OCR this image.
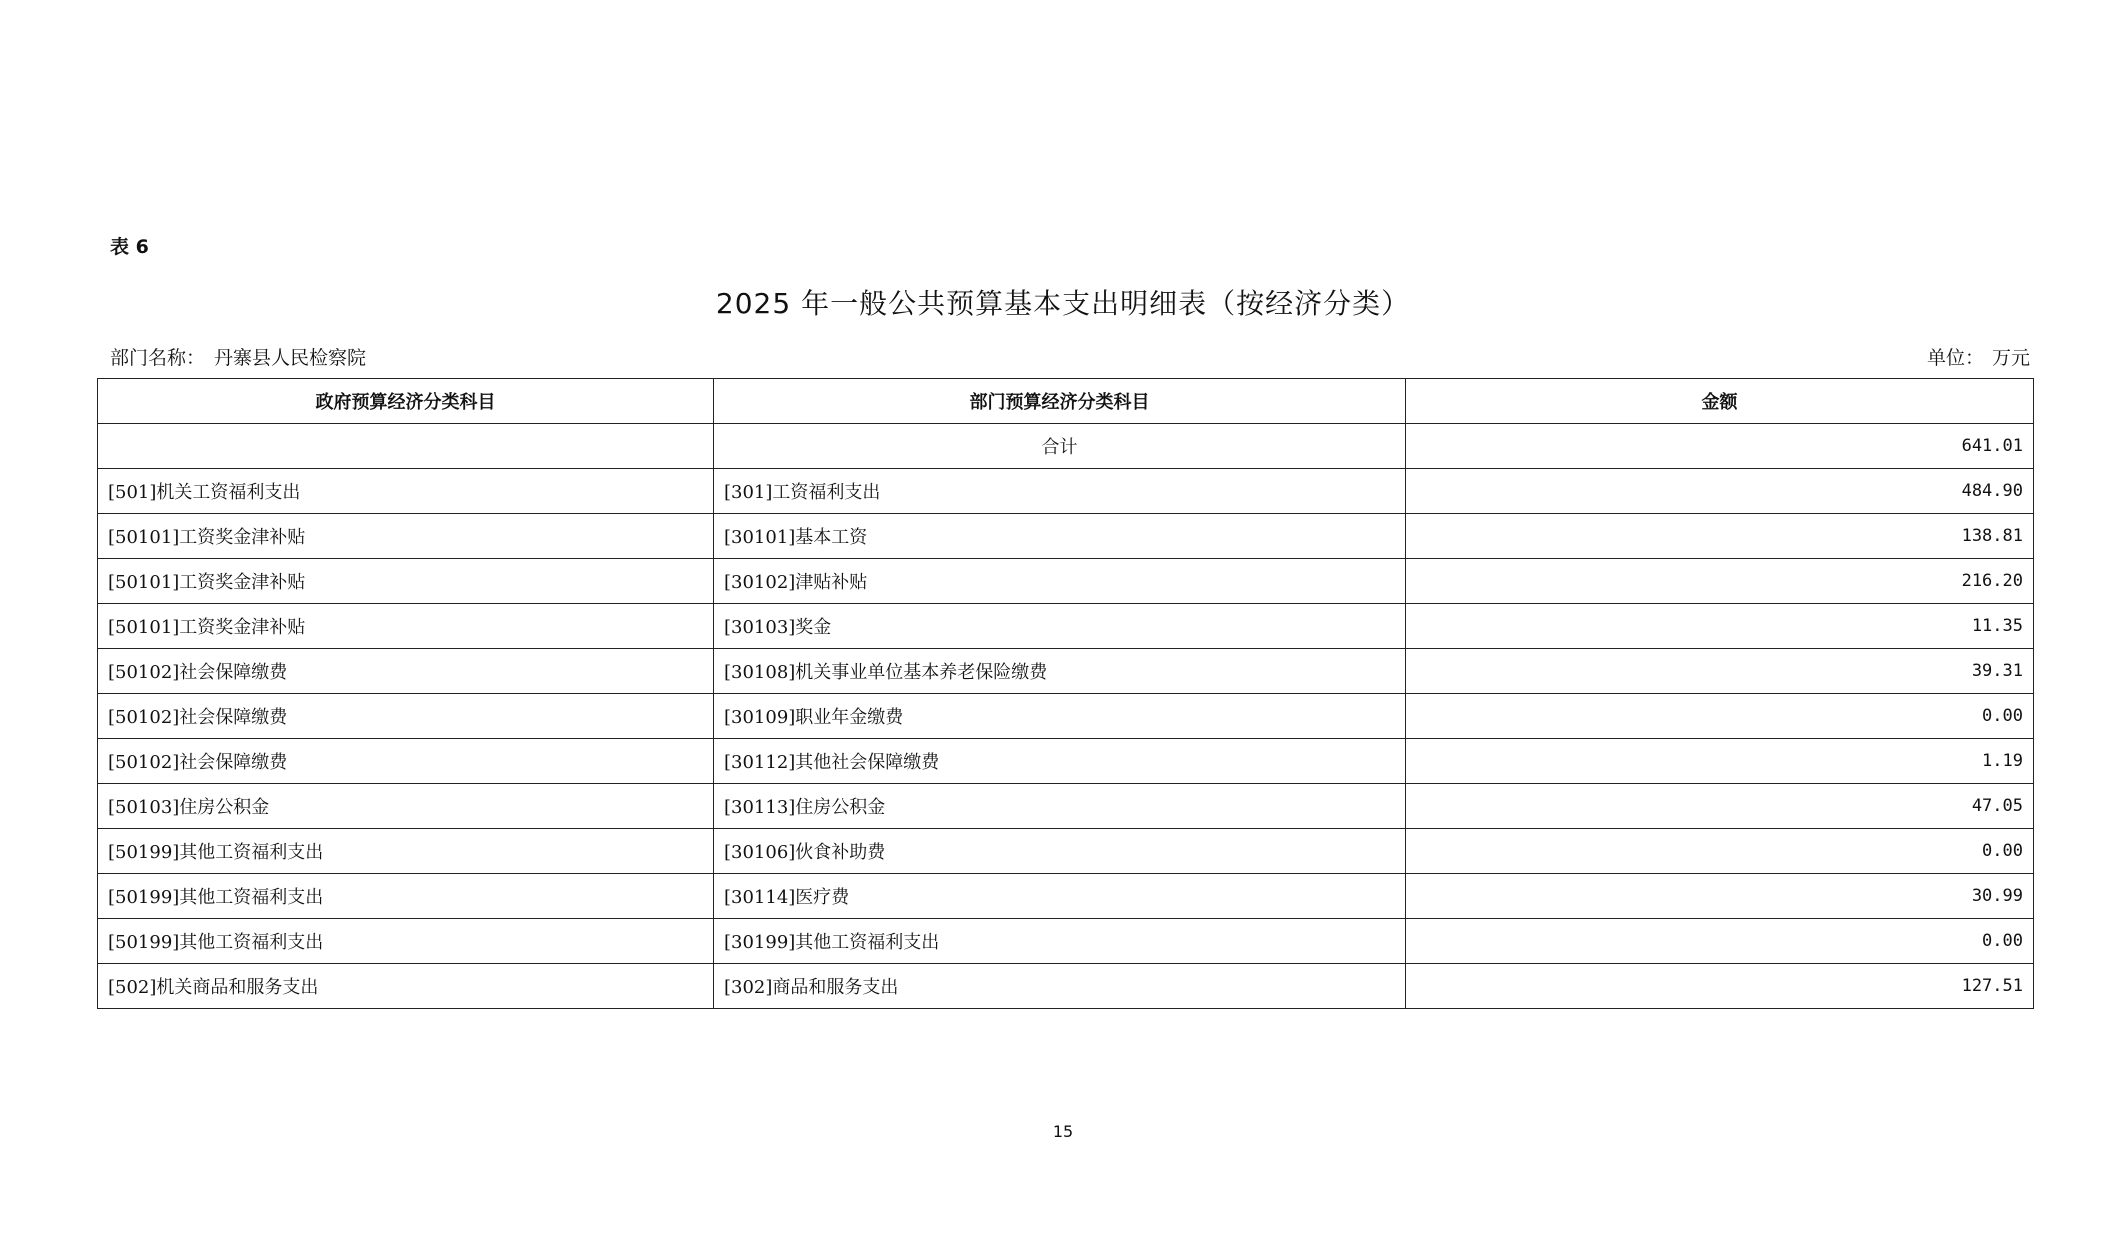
表 6
2025 年一般公共预算基本支出明细表（按经济分类）
部门名称： 丹寨县人民检察院	单位： 万元
政府预算经济分类科目	部门预算经济分类科目	金额
	合计	641.01
[501]机关工资福利支出	[301]工资福利支出	484.90
[50101]工资奖金津补贴	[30101]基本工资	138.81
[50101]工资奖金津补贴	[30102]津贴补贴	216.20
[50101]工资奖金津补贴	[30103]奖金	11.35
[50102]社会保障缴费	[30108]机关事业单位基本养老保险缴费	39.31
[50102]社会保障缴费	[30109]职业年金缴费	0.00
[50102]社会保障缴费	[30112]其他社会保障缴费	1.19
[50103]住房公积金	[30113]住房公积金	47.05
[50199]其他工资福利支出	[30106]伙食补助费	0.00
[50199]其他工资福利支出	[30114]医疗费	30.99
[50199]其他工资福利支出	[30199]其他工资福利支出	0.00
[502]机关商品和服务支出	[302]商品和服务支出	127.51
15
